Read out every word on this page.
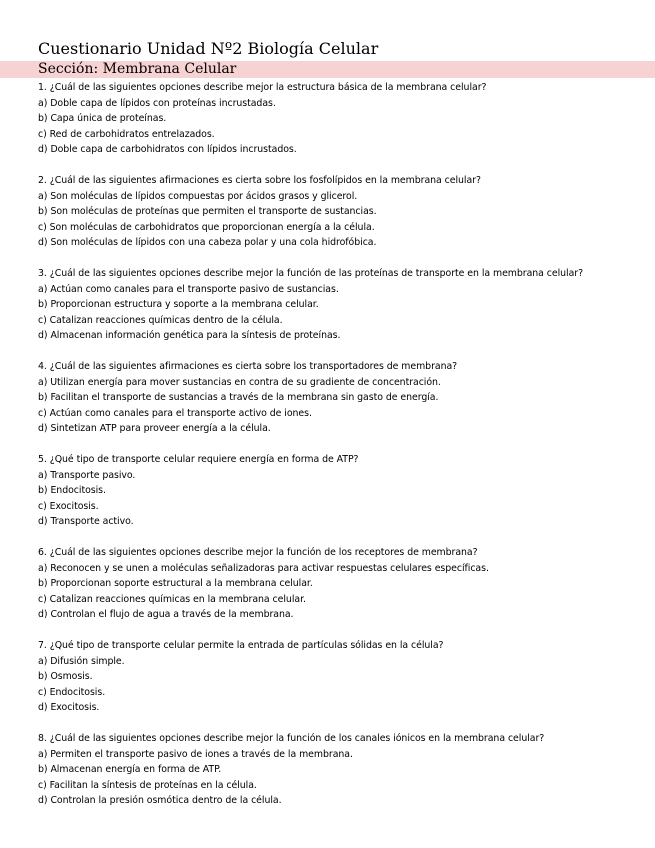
Cuestionario Unidad Nº2 Biología Celular
Sección: Membrana Celular
1. ¿Cuál de las siguientes opciones describe mejor la estructura básica de la membrana celular?
a) Doble capa de lípidos con proteínas incrustadas.
b) Capa única de proteínas.
c) Red de carbohidratos entrelazados.
d) Doble capa de carbohidratos con lípidos incrustados.
2. ¿Cuál de las siguientes afirmaciones es cierta sobre los fosfolípidos en la membrana celular?
a) Son moléculas de lípidos compuestas por ácidos grasos y glicerol.
b) Son moléculas de proteínas que permiten el transporte de sustancias.
c) Son moléculas de carbohidratos que proporcionan energía a la célula.
d) Son moléculas de lípidos con una cabeza polar y una cola hidrofóbica.
3. ¿Cuál de las siguientes opciones describe mejor la función de las proteínas de transporte en la membrana celular?
a) Actúan como canales para el transporte pasivo de sustancias.
b) Proporcionan estructura y soporte a la membrana celular.
c) Catalizan reacciones químicas dentro de la célula.
d) Almacenan información genética para la síntesis de proteínas.
4. ¿Cuál de las siguientes afirmaciones es cierta sobre los transportadores de membrana?
a) Utilizan energía para mover sustancias en contra de su gradiente de concentración.
b) Facilitan el transporte de sustancias a través de la membrana sin gasto de energía.
c) Actúan como canales para el transporte activo de iones.
d) Sintetizan ATP para proveer energía a la célula.
5. ¿Qué tipo de transporte celular requiere energía en forma de ATP?
a) Transporte pasivo.
b) Endocitosis.
c) Exocitosis.
d) Transporte activo.
6. ¿Cuál de las siguientes opciones describe mejor la función de los receptores de membrana?
a) Reconocen y se unen a moléculas señalizadoras para activar respuestas celulares específicas.
b) Proporcionan soporte estructural a la membrana celular.
c) Catalizan reacciones químicas en la membrana celular.
d) Controlan el flujo de agua a través de la membrana.
7. ¿Qué tipo de transporte celular permite la entrada de partículas sólidas en la célula?
a) Difusión simple.
b) Osmosis.
c) Endocitosis.
d) Exocitosis.
8. ¿Cuál de las siguientes opciones describe mejor la función de los canales iónicos en la membrana celular?
a) Permiten el transporte pasivo de iones a través de la membrana.
b) Almacenan energía en forma de ATP.
c) Facilitan la síntesis de proteínas en la célula.
d) Controlan la presión osmótica dentro de la célula.
